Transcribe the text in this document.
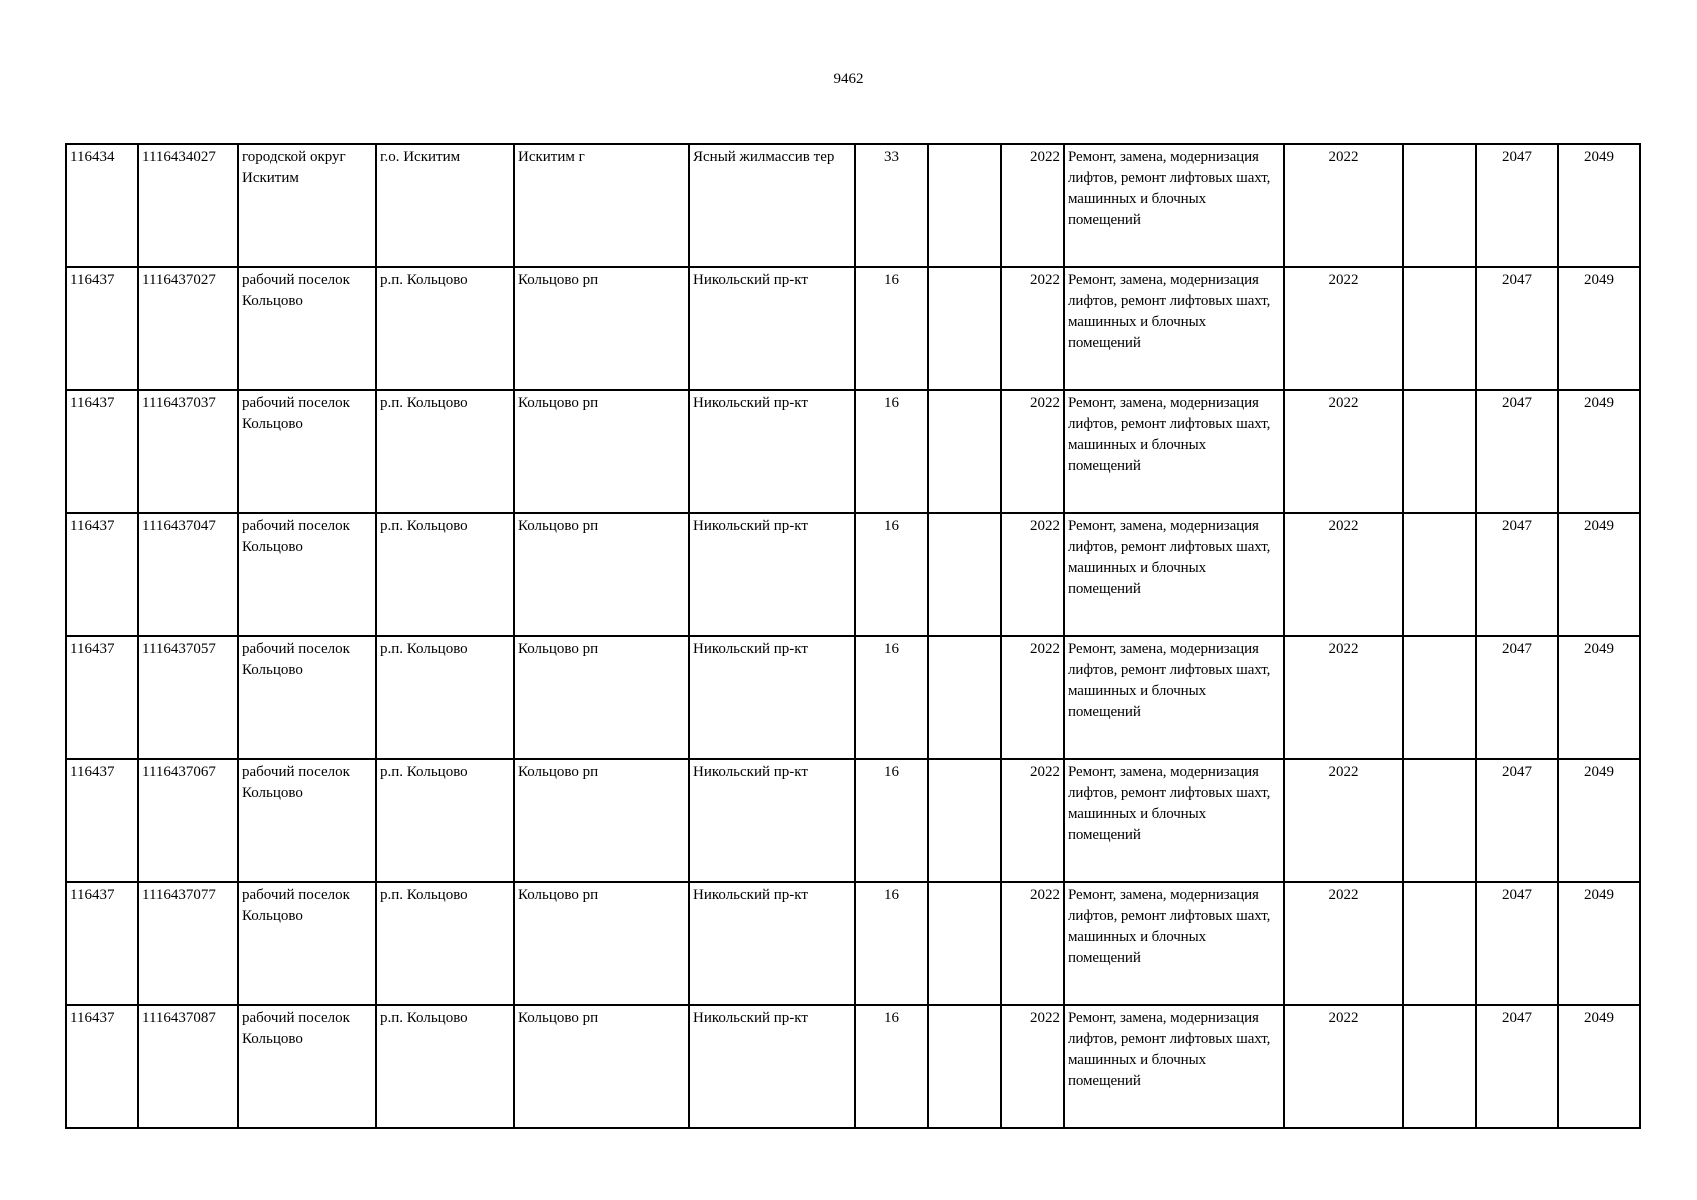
9462
116434	1116434027	городской округ Искитим	г.о. Искитим	Искитим г	Ясный жилмассив тер	33		2022	Ремонт, замена, модернизация лифтов, ремонт лифтовых шахт, машинных и блочных помещений	2022		2047	2049
116437	1116437027	рабочий поселок Кольцово	р.п. Кольцово	Кольцово рп	Никольский пр-кт	16		2022	Ремонт, замена, модернизация лифтов, ремонт лифтовых шахт, машинных и блочных помещений	2022		2047	2049
116437	1116437037	рабочий поселок Кольцово	р.п. Кольцово	Кольцово рп	Никольский пр-кт	16		2022	Ремонт, замена, модернизация лифтов, ремонт лифтовых шахт, машинных и блочных помещений	2022		2047	2049
116437	1116437047	рабочий поселок Кольцово	р.п. Кольцово	Кольцово рп	Никольский пр-кт	16		2022	Ремонт, замена, модернизация лифтов, ремонт лифтовых шахт, машинных и блочных помещений	2022		2047	2049
116437	1116437057	рабочий поселок Кольцово	р.п. Кольцово	Кольцово рп	Никольский пр-кт	16		2022	Ремонт, замена, модернизация лифтов, ремонт лифтовых шахт, машинных и блочных помещений	2022		2047	2049
116437	1116437067	рабочий поселок Кольцово	р.п. Кольцово	Кольцово рп	Никольский пр-кт	16		2022	Ремонт, замена, модернизация лифтов, ремонт лифтовых шахт, машинных и блочных помещений	2022		2047	2049
116437	1116437077	рабочий поселок Кольцово	р.п. Кольцово	Кольцово рп	Никольский пр-кт	16		2022	Ремонт, замена, модернизация лифтов, ремонт лифтовых шахт, машинных и блочных помещений	2022		2047	2049
116437	1116437087	рабочий поселок Кольцово	р.п. Кольцово	Кольцово рп	Никольский пр-кт	16		2022	Ремонт, замена, модернизация лифтов, ремонт лифтовых шахт, машинных и блочных помещений	2022		2047	2049
